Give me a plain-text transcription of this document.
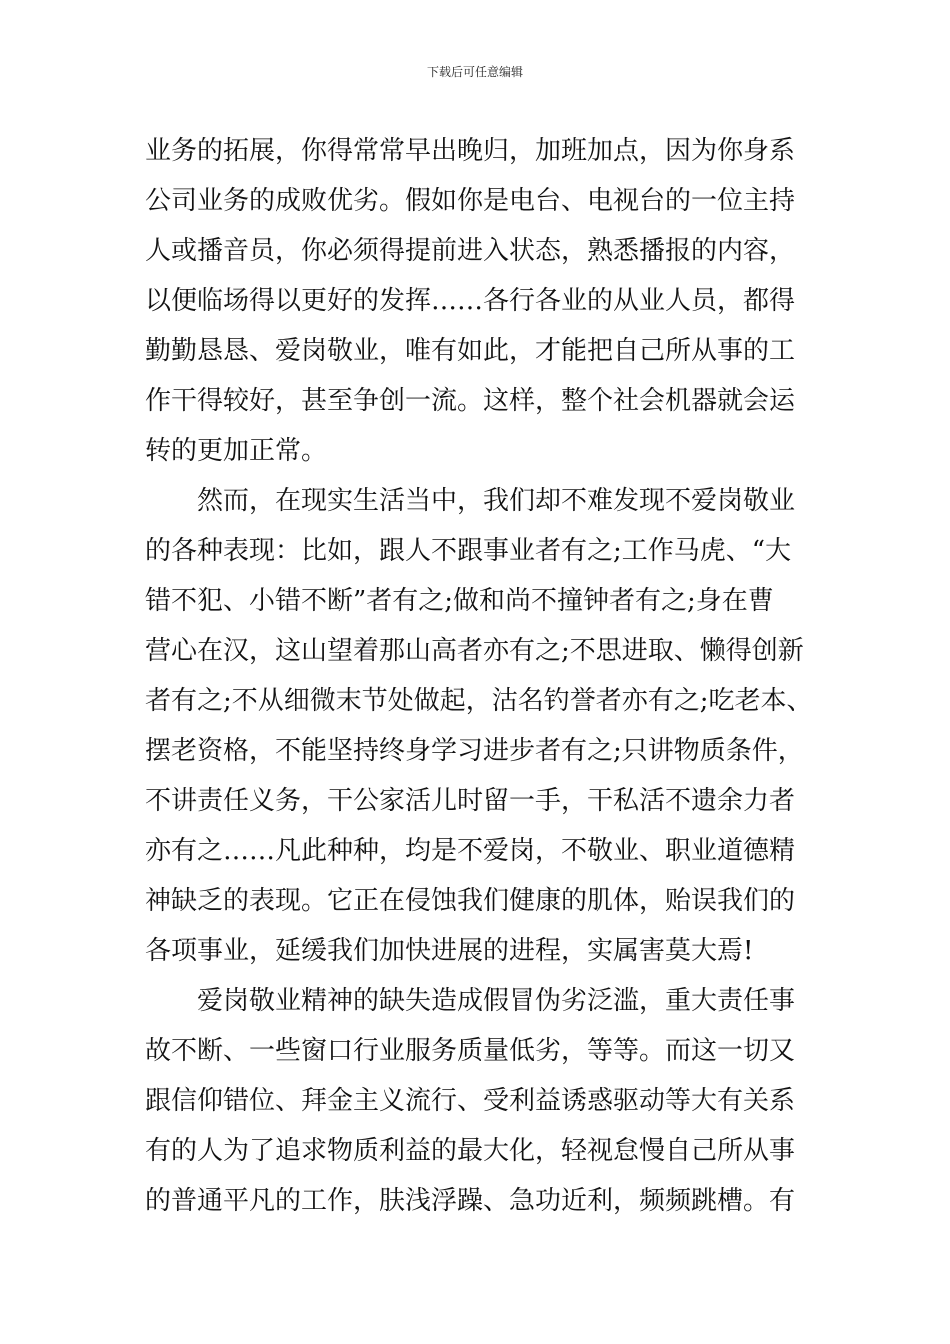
下载后可任意编辑
业务的拓展，你得常常早出晚归，加班加点，因为你身系
公司业务的成败优劣。假如你是电台、电视台的一位主持
人或播音员，你必须得提前进入状态，熟悉播报的内容，
以便临场得以更好的发挥……各行各业的从业人员，都得
勤勤恳恳、爱岗敬业，唯有如此，才能把自己所从事的工
作干得较好，甚至争创一流。这样，整个社会机器就会运
转的更加正常。
然而，在现实生活当中，我们却不难发现不爱岗敬业
的各种表现：比如，跟人不跟事业者有之;工作马虎、“大
错不犯、小错不断”者有之;做和尚不撞钟者有之;身在曹
营心在汉，这山望着那山高者亦有之;不思进取、懒得创新
者有之;不从细微末节处做起，沽名钓誉者亦有之;吃老本、
摆老资格，不能坚持终身学习进步者有之;只讲物质条件，
不讲责任义务，干公家活儿时留一手，干私活不遗余力者
亦有之……凡此种种，均是不爱岗，不敬业、职业道德精
神缺乏的表现。它正在侵蚀我们健康的肌体，贻误我们的
各项事业，延缓我们加快进展的进程，实属害莫大焉!
爱岗敬业精神的缺失造成假冒伪劣泛滥，重大责任事
故不断、一些窗口行业服务质量低劣，等等。而这一切又
跟信仰错位、拜金主义流行、受利益诱惑驱动等大有关系
有的人为了追求物质利益的最大化，轻视怠慢自己所从事
的普通平凡的工作，肤浅浮躁、急功近利，频频跳槽。有
